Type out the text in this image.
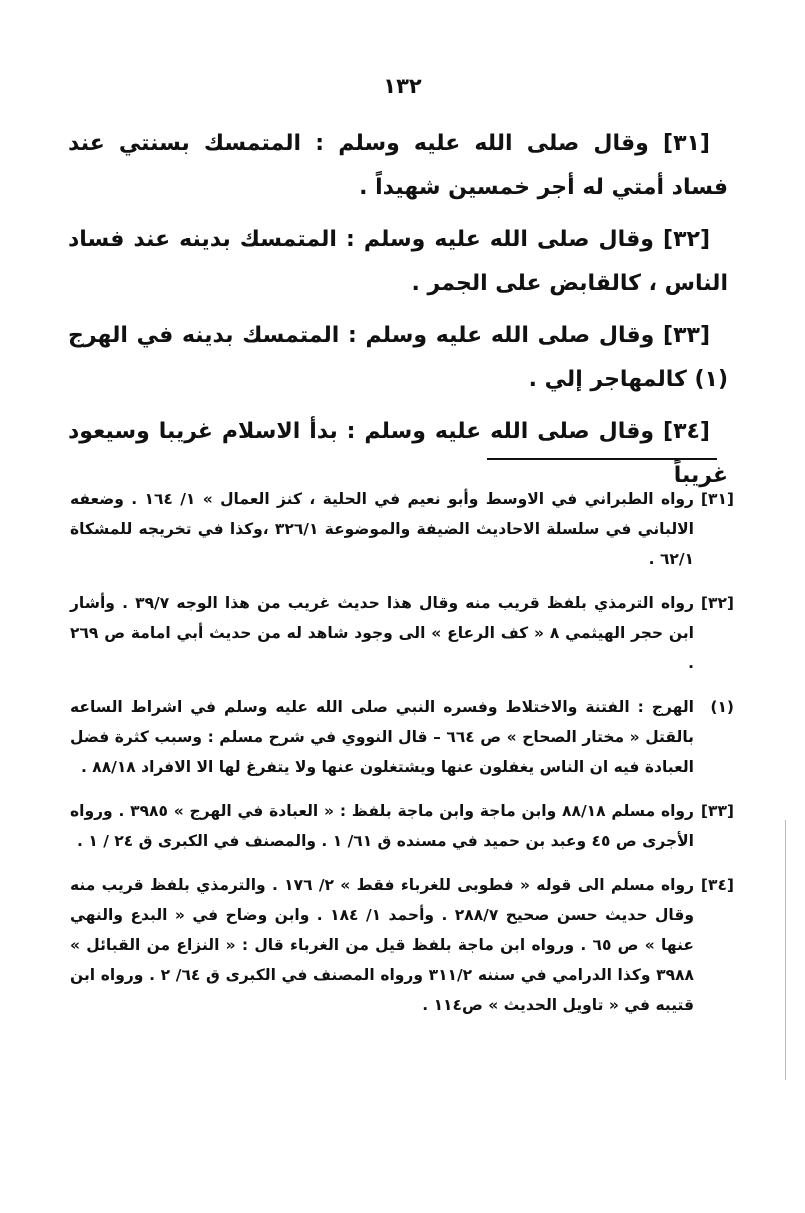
١٣٢

[٣١] وقال صلى الله عليه وسلم : المتمسك بسنتي عند فساد أمتي له أجر خمسين شهيداً .

[٣٢] وقال صلى الله عليه وسلم : المتمسك بدينه عند فساد الناس ، كالقابض على الجمر .

[٣٣] وقال صلى الله عليه وسلم : المتمسك بدينه في الهرج (١) كالمهاجر إلي .

[٣٤] وقال صلى الله عليه وسلم : بدأ الاسلام غريبا وسيعود غريباً

[٣١]
رواه الطبراني في الاوسط وأبو نعيم في الحلية ، كنز العمال » ١/ ١٦٤ . وضعفه الالباني في سلسلة الاحاديث الضيفة والموضوعة ٣٢٦/١ ،وكذا في تخريجه للمشكاة ٦٢/١ .
[٣٢]
رواه الترمذي بلفظ قريب منه وقال هذا حديث غريب من هذا الوجه ٣٩/٧ . وأشار ابن حجر الهيثمي ٨ « كف الرعاع » الى وجود شاهد له من حديث أبي امامة ص ٢٦٩ .
(١)
الهرج : الفتنة والاختلاط وفسره النبي صلى الله عليه وسلم في اشراط الساعه بالقتل « مختار الصحاح » ص ٦٦٤ – قال النووي في شرح مسلم : وسبب كثرة فضل العبادة فيه ان الناس يغفلون عنها ويشتغلون عنها ولا يتفرغ لها الا الافراد ٨٨/١٨ .
[٣٣]
رواه مسلم ٨٨/١٨ وابن ماجة وابن ماجة بلفظ : « العبادة في الهرج » ٣٩٨٥ . ورواه الأجرى ص ٤٥ وعبد بن حميد في مسنده ق ٦١/ ١ . والمصنف في الكبرى ق ٢٤ / ١ .
[٣٤]
رواه مسلم الى قوله « فطوبى للغرباء فقط » ٢/ ١٧٦ . والترمذي بلفظ قريب منه وقال حديث حسن صحيح ٢٨٨/٧ . وأحمد ١/ ١٨٤ . وابن وضاح في « البدع والنهي عنها » ص ٦٥ . ورواه ابن ماجة بلفظ قيل من الغرباء قال : « النزاع من القبائل » ٣٩٨٨ وكذا الدرامي في سننه ٣١١/٢ ورواه المصنف في الكبرى ق ٦٤/ ٢ . ورواه ابن قتيبه في « تاويل الحديث » ص١١٤ .
